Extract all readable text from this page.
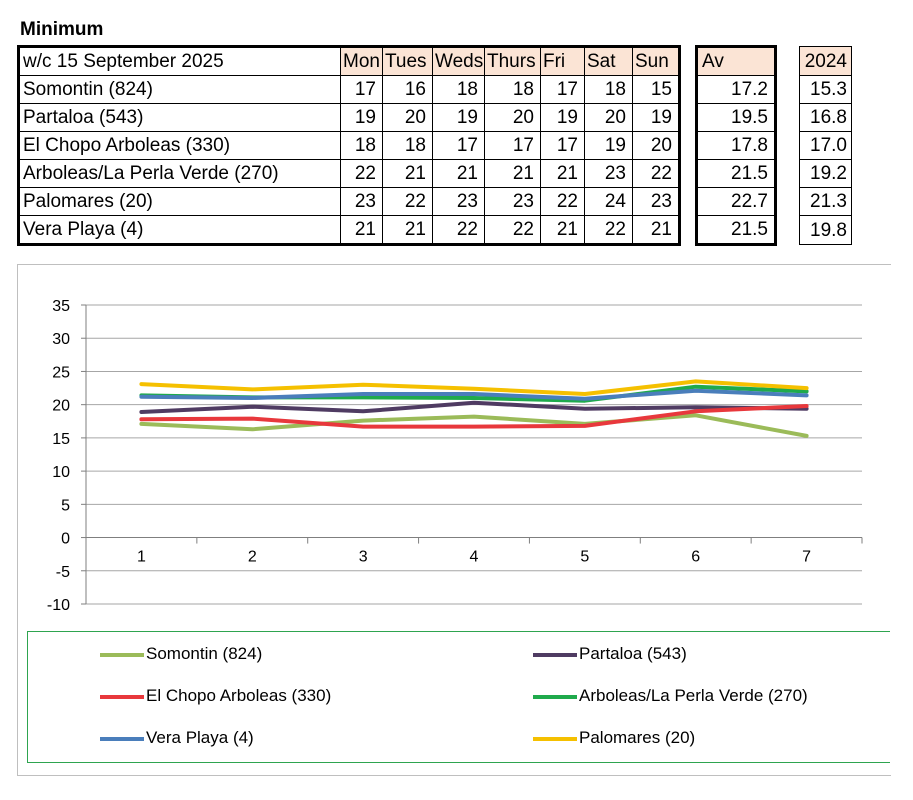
Minimum
w/c 15 September 2025	Mon	Tues	Weds	Thurs	Fri	Sat	Sun		Av		2024
Somontin (824)	17	16	18	18	17	18	15		17.2		15.3
Partaloa (543)	19	20	19	20	19	20	19		19.5		16.8
El Chopo Arboleas (330)	18	18	17	17	17	19	20		17.8		17.0
Arboleas/La Perla Verde (270)	22	21	21	21	21	23	22		21.5		19.2
Palomares (20)	23	22	23	23	22	24	23		22.7		21.3
Vera Playa (4)	21	21	22	22	21	22	21		21.5		19.8
-10
-5
0
5
10
15
20
25
30
35
1	2	3	4	5	6	7
Somontin (824)	Partaloa (543)
El Chopo Arboleas (330)	Arboleas/La Perla Verde (270)
Vera Playa (4)	Palomares (20)
